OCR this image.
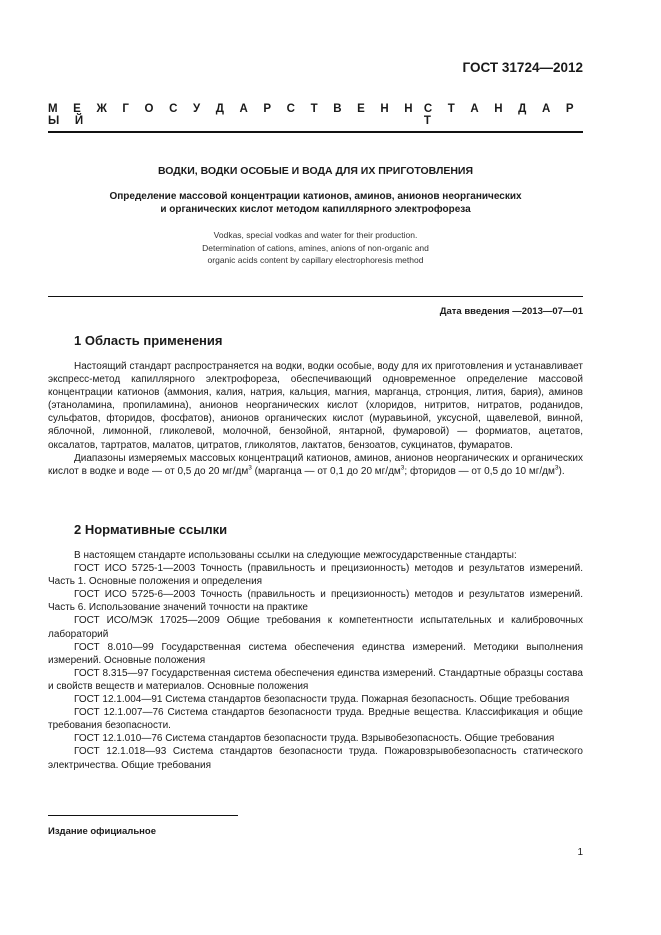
ГОСТ 31724—2012
М Е Ж Г О С У Д А Р С Т В Е Н Н Ы Й
С Т А Н Д А Р Т
ВОДКИ, ВОДКИ ОСОБЫЕ И ВОДА ДЛЯ ИХ ПРИГОТОВЛЕНИЯ
Определение массовой концентрации катионов, аминов, анионов неорганических
и органических кислот методом капиллярного электрофореза
Vodkas, special vodkas and water for their production.
Determination of cations, amines, anions of non-organic and
organic acids content by capillary electrophoresis method
Дата введения —2013—07—01
1 Область применения

Настоящий стандарт распространяется на водки, водки особые, воду для их приготовления и устанавливает экспресс-метод капиллярного электрофореза, обеспечивающий одновременное определение массовой концентрации катионов (аммония, калия, натрия, кальция, магния, марганца, стронция, лития, бария), аминов (этаноламина, пропиламина), анионов неорганических кислот (хлоридов, нитритов, нитратов, роданидов, сульфатов, фторидов, фосфатов), анионов органических кислот (муравьиной, уксусной, щавелевой, винной, яблочной, лимонной, гликолевой, молочной, бензойной, янтарной, фумаровой) — формиатов, ацетатов, оксалатов, тартратов, малатов, цитратов, гликолятов, лактатов, бензоатов, сукцинатов, фумаратов.

Диапазоны измеряемых массовых концентраций катионов, аминов, анионов неорганических и органических кислот в водке и воде — от 0,5 до 20 $мг/дм^3$ (марганца — от 0,1 до 20 $мг/дм^3$; фторидов — от 0,5 до 10 $мг/дм^3$).

2 Нормативные ссылки

В настоящем стандарте использованы ссылки на следующие межгосударственные стандарты:

ГОСТ ИСО 5725-1—2003 Точность (правильность и прецизионность) методов и результатов измерений. Часть 1. Основные положения и определения

ГОСТ ИСО 5725-6—2003 Точность (правильность и прецизионность) методов и результатов измерений. Часть 6. Использование значений точности на практике

ГОСТ ИСО/МЭК 17025—2009 Общие требования к компетентности испытательных и калибровочных лабораторий

ГОСТ 8.010—99 Государственная система обеспечения единства измерений. Методики выполнения измерений. Основные положения

ГОСТ 8.315—97 Государственная система обеспечения единства измерений. Стандартные образцы состава и свойств веществ и материалов. Основные положения

ГОСТ 12.1.004—91 Система стандартов безопасности труда. Пожарная безопасность. Общие требования

ГОСТ 12.1.007—76 Система стандартов безопасности труда. Вредные вещества. Классификация и общие требования безопасности.

ГОСТ 12.1.010—76 Система стандартов безопасности труда. Взрывобезопасность. Общие требования

ГОСТ 12.1.018—93 Система стандартов безопасности труда. Пожаровзрывобезопасность статического электричества. Общие требования

Издание официальное
1
